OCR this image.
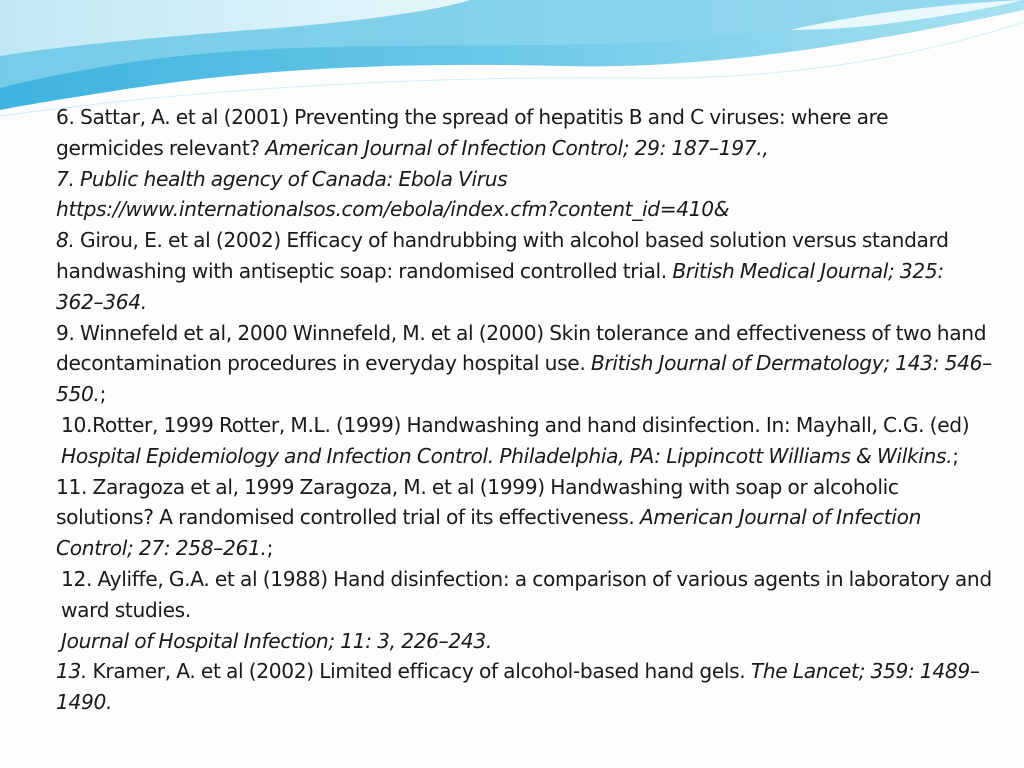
6. Sattar, A. et al (2001) Preventing the spread of hepatitis B and C viruses: where are germicides relevant? American Journal of Infection Control; 29: 187–197.,

7. Public health agency of Canada: Ebola Virus https://www.internationalsos.com/ebola/index.cfm?content_id=410&

8. Girou, E. et al (2002) Efficacy of handrubbing with alcohol based solution versus standard handwashing with antiseptic soap: randomised controlled trial. British Medical Journal; 325: 362–364.

9. Winnefeld et al, 2000 Winnefeld, M. et al (2000) Skin tolerance and effectiveness of two hand decontamination procedures in everyday hospital use. British Journal of Dermatology; 143: 546–550.;

10.Rotter, 1999 Rotter, M.L. (1999) Handwashing and hand disinfection. In: Mayhall, C.G. (ed) Hospital Epidemiology and Infection Control. Philadelphia, PA: Lippincott Williams & Wilkins.;

11. Zaragoza et al, 1999 Zaragoza, M. et al (1999) Handwashing with soap or alcoholic solutions? A randomised controlled trial of its effectiveness. American Journal of Infection Control; 27: 258–261.;

12. Ayliffe, G.A. et al (1988) Hand disinfection: a comparison of various agents in laboratory and ward studies.
Journal of Hospital Infection; 11: 3, 226–243.

13. Kramer, A. et al (2002) Limited efficacy of alcohol-based hand gels. The Lancet; 359: 1489–1490.
